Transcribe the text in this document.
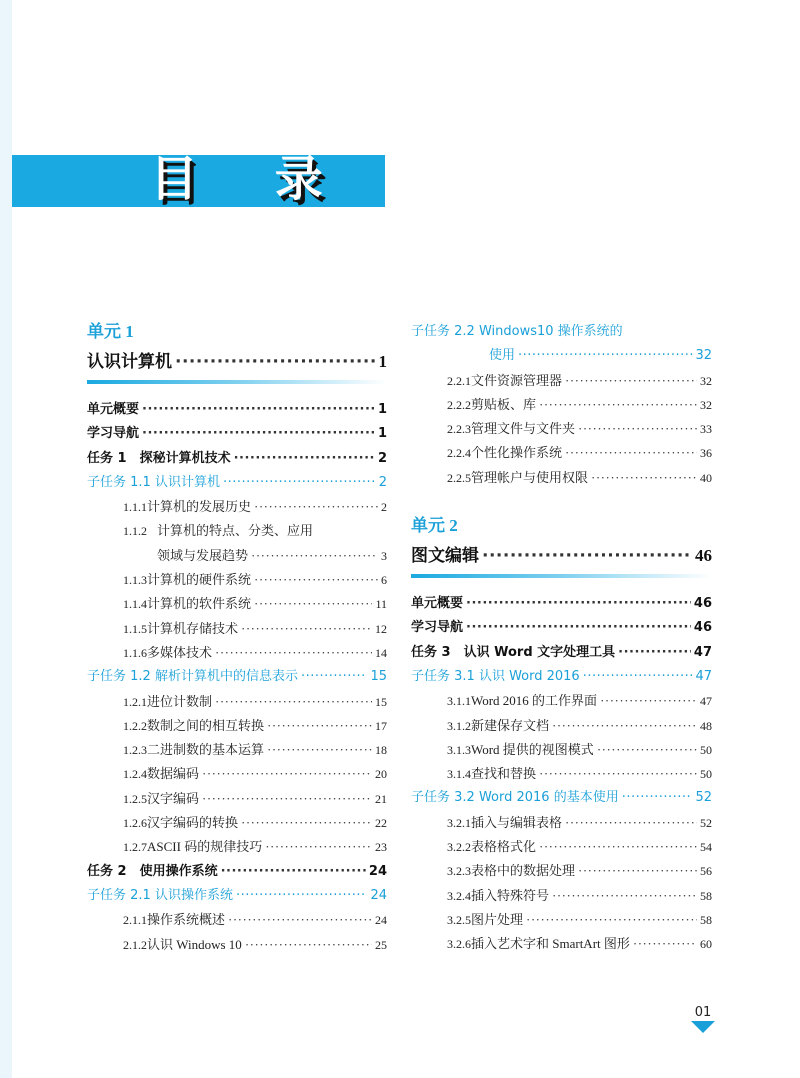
目 录
单元 1
认识计算机 ·····	1
单元概要 ·····	1
学习导航 ·····	1
任务 1　探秘计算机技术 ·····	2
子任务 1.1 认识计算机 ·····	2
1.1.1 计算机的发展历史 ·····	2
1.1.2 计算机的特点、分类、应用
领域与发展趋势 ·····	3
1.1.3 计算机的硬件系统 ·····	6
1.1.4 计算机的软件系统 ·····	11
1.1.5 计算机存储技术 ·····	12
1.1.6 多媒体技术 ·····	14
子任务 1.2 解析计算机中的信息表示 ·····	15
1.2.1 进位计数制 ·····	15
1.2.2 数制之间的相互转换 ·····	17
1.2.3 二进制数的基本运算 ·····	18
1.2.4 数据编码 ·····	20
1.2.5 汉字编码 ·····	21
1.2.6 汉字编码的转换 ·····	22
1.2.7 ASCII 码的规律技巧 ·····	23
任务 2　使用操作系统 ·····	24
子任务 2.1 认识操作系统 ·····	24
2.1.1 操作系统概述 ·····	24
2.1.2 认识 Windows 10 ·····	25
子任务 2.2 Windows10 操作系统的
使用 ·····	32
2.2.1 文件资源管理器 ·····	32
2.2.2 剪贴板、库 ·····	32
2.2.3 管理文件与文件夹 ·····	33
2.2.4 个性化操作系统 ·····	36
2.2.5 管理帐户与使用权限 ·····	40
单元 2
图文编辑 ·····	46
单元概要 ·····	46
学习导航 ·····	46
任务 3　认识 Word 文字处理工具 ·····	47
子任务 3.1 认识 Word 2016 ·····	47
3.1.1 Word 2016 的工作界面 ·····	47
3.1.2 新建保存文档 ·····	48
3.1.3 Word 提供的视图模式 ·····	50
3.1.4 查找和替换 ·····	50
子任务 3.2 Word 2016 的基本使用 ·····	52
3.2.1 插入与编辑表格 ·····	52
3.2.2 表格格式化 ·····	54
3.2.3 表格中的数据处理 ·····	56
3.2.4 插入特殊符号 ·····	58
3.2.5 图片处理 ·····	58
3.2.6 插入艺术字和 SmartArt 图形 ·····	60
01
